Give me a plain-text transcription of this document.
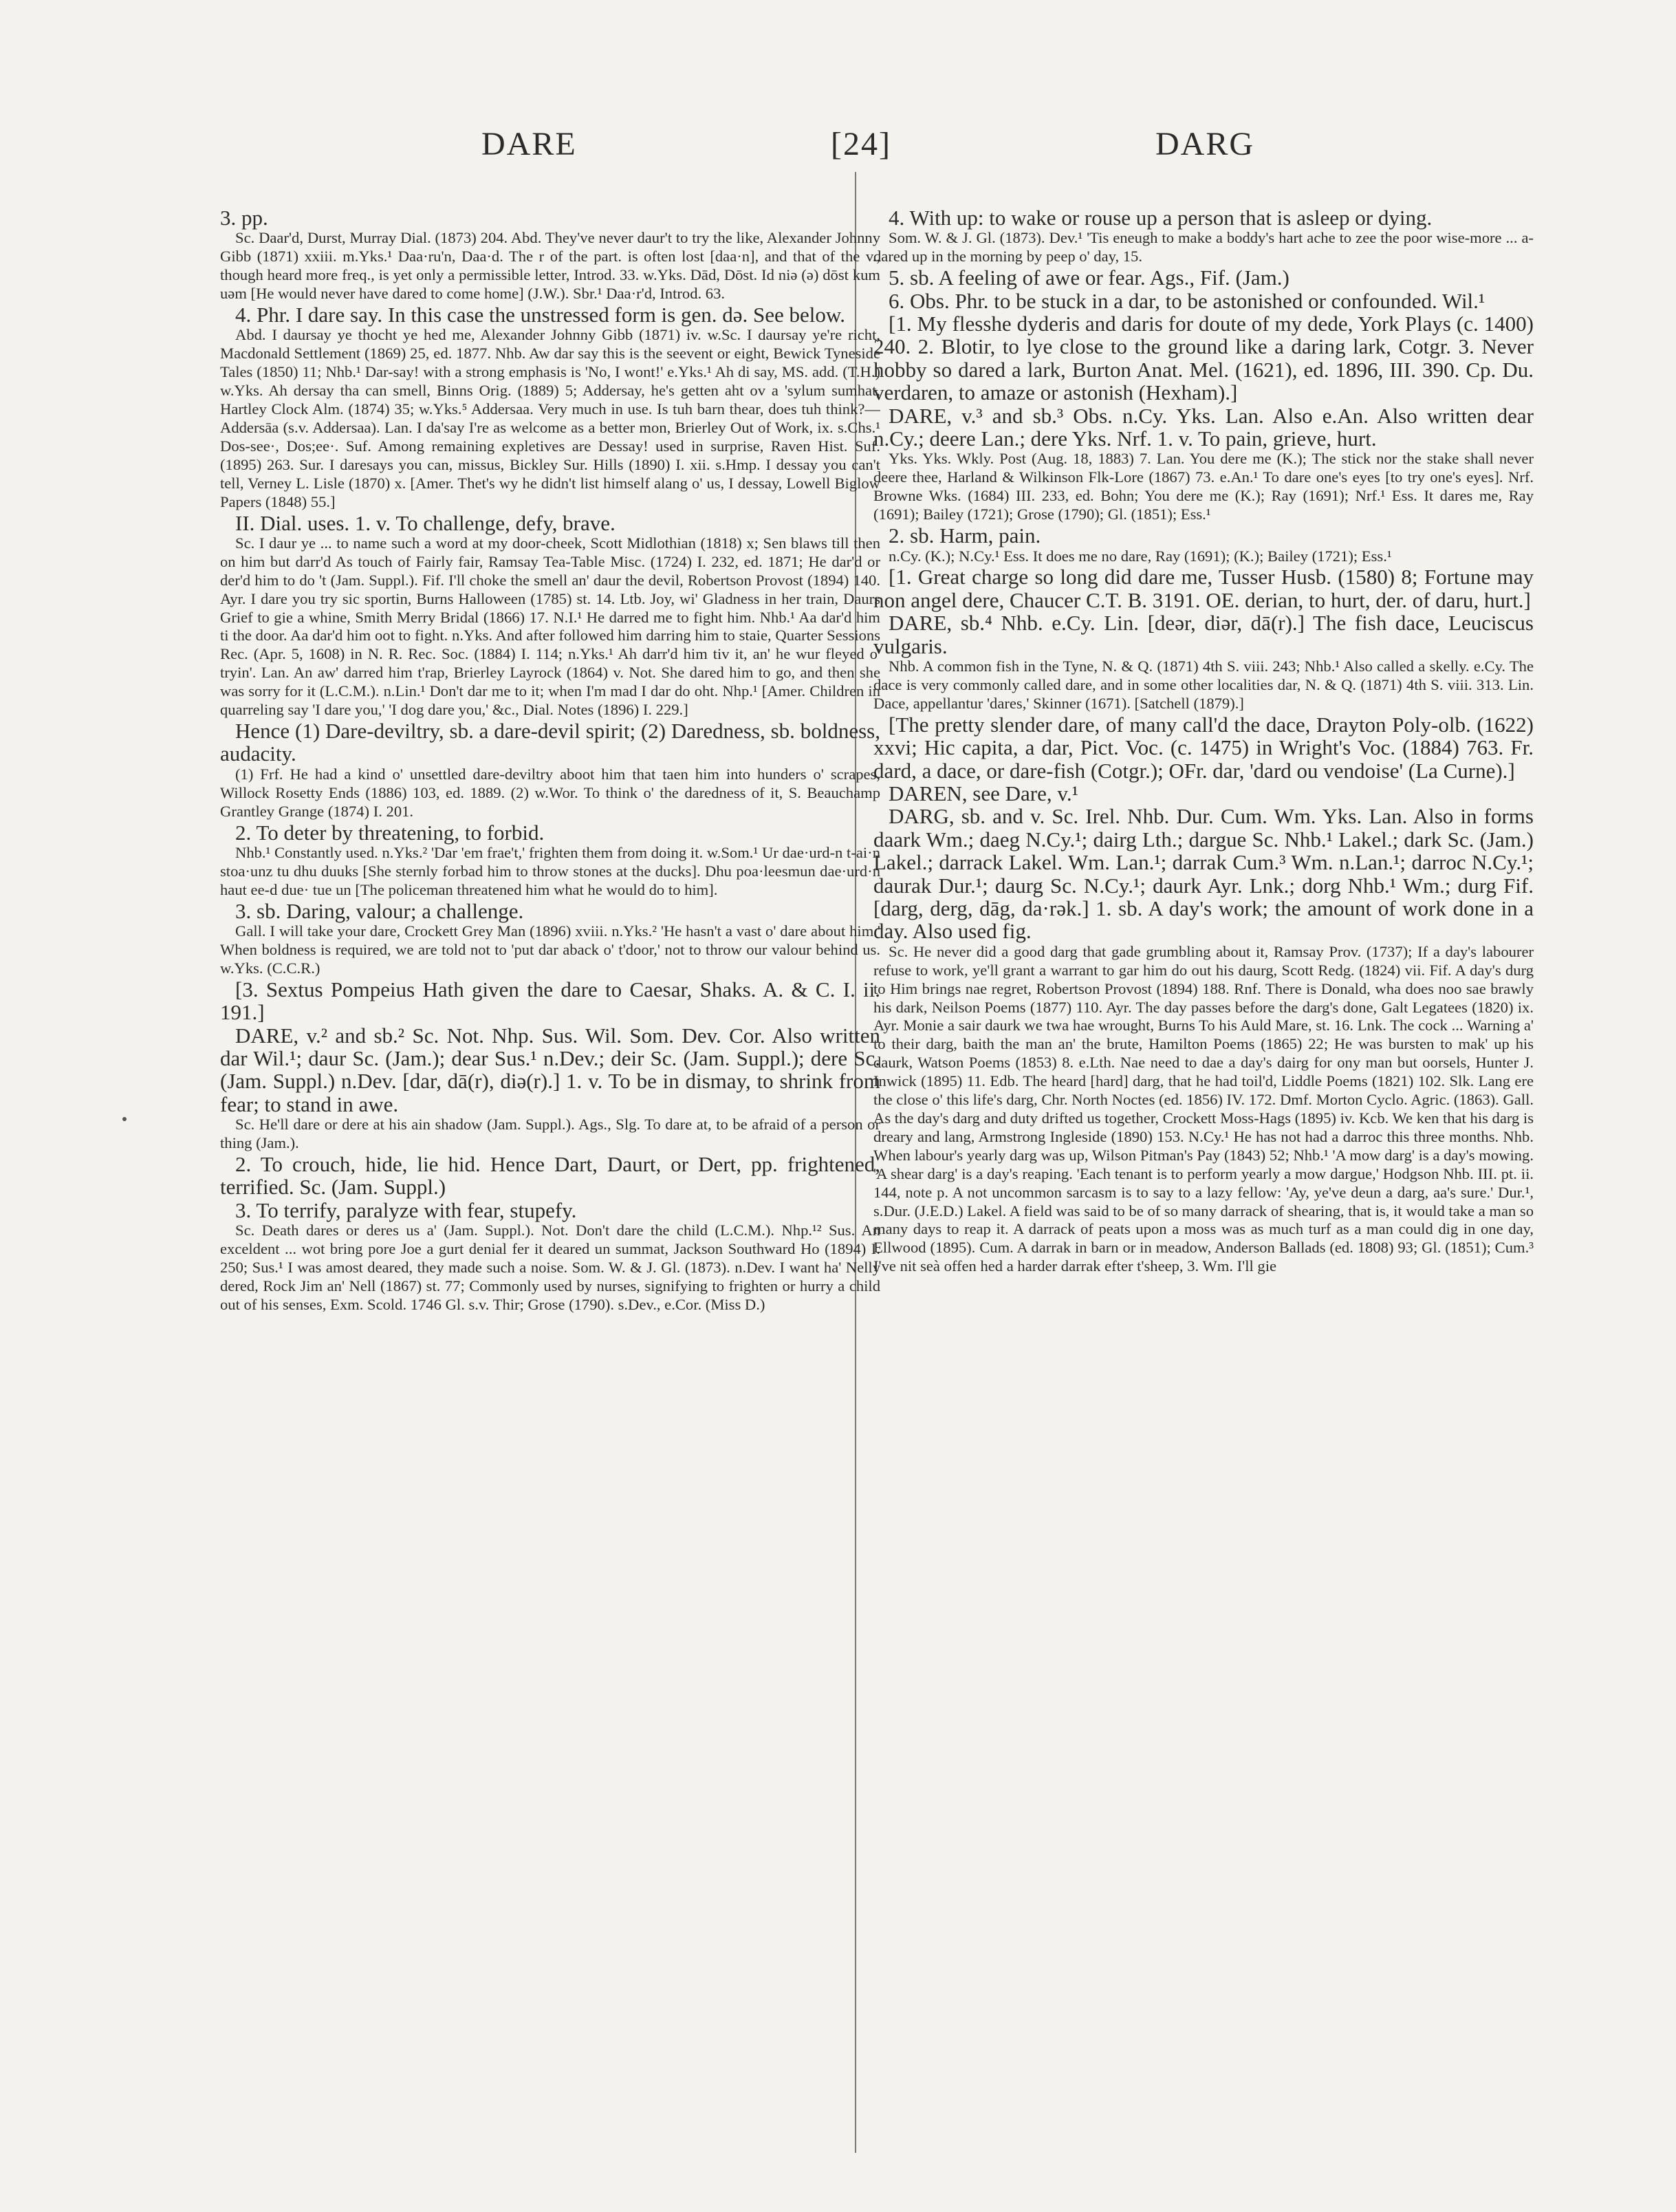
DARE	[24]	DARG

3. pp.

Sc. Daar'd, Durst, Murray Dial. (1873) 204. Abd. They've never daur't to try the like, Alexander Johnny Gibb (1871) xxiii. m.Yks.¹ Daa·ru'n, Daa·d. The r of the part. is often lost [daa·n], and that of the v., though heard more freq., is yet only a permissible letter, Introd. 33. w.Yks. Dād, Dōst. Id niə (ə) dōst kum uəm [He would never have dared to come home] (J.W.). Sbr.¹ Daa·r'd, Introd. 63.

4. Phr. I dare say. In this case the unstressed form is gen. də. See below.

Abd. I daursay ye thocht ye hed me, Alexander Johnny Gibb (1871) iv. w.Sc. I daursay ye're richt, Macdonald Settlement (1869) 25, ed. 1877. Nhb. Aw dar say this is the seevent or eight, Bewick Tyneside Tales (1850) 11; Nhb.¹ Dar-say! with a strong emphasis is 'No, I wont!' e.Yks.¹ Ah di say, MS. add. (T.H.) w.Yks. Ah dersay tha can smell, Binns Orig. (1889) 5; Addersay, he's getten aht ov a 'sylum sumhat, Hartley Clock Alm. (1874) 35; w.Yks.⁵ Addersaa. Very much in use. Is tuh barn thear, does tuh think?—Addersāa (s.v. Addersaa). Lan. I da'say I're as welcome as a better mon, Brierley Out of Work, ix. s.Chs.¹ Dos-see·, Dos;ee·. Suf. Among remaining expletives are Dessay! used in surprise, Raven Hist. Suf. (1895) 263. Sur. I daresays you can, missus, Bickley Sur. Hills (1890) I. xii. s.Hmp. I dessay you can't tell, Verney L. Lisle (1870) x. [Amer. Thet's wy he didn't list himself alang o' us, I dessay, Lowell Biglow Papers (1848) 55.]

II. Dial. uses. 1. v. To challenge, defy, brave.

Sc. I daur ye ... to name such a word at my door-cheek, Scott Midlothian (1818) x; Sen blaws till then on him but darr'd As touch of Fairly fair, Ramsay Tea-Table Misc. (1724) I. 232, ed. 1871; He dar'd or der'd him to do 't (Jam. Suppl.). Fif. I'll choke the smell an' daur the devil, Robertson Provost (1894) 140. Ayr. I dare you try sic sportin, Burns Halloween (1785) st. 14. Ltb. Joy, wi' Gladness in her train, Daurs Grief to gie a whine, Smith Merry Bridal (1866) 17. N.I.¹ He darred me to fight him. Nhb.¹ Aa dar'd him ti the door. Aa dar'd him oot to fight. n.Yks. And after followed him darring him to staie, Quarter Sessions Rec. (Apr. 5, 1608) in N. R. Rec. Soc. (1884) I. 114; n.Yks.¹ Ah darr'd him tiv it, an' he wur fleyed o' tryin'. Lan. An aw' darred him t'rap, Brierley Layrock (1864) v. Not. She dared him to go, and then she was sorry for it (L.C.M.). n.Lin.¹ Don't dar me to it; when I'm mad I dar do oht. Nhp.¹ [Amer. Children in quarreling say 'I dare you,' 'I dog dare you,' &c., Dial. Notes (1896) I. 229.]

Hence (1) Dare-deviltry, sb. a dare-devil spirit; (2) Daredness, sb. boldness, audacity.

(1) Frf. He had a kind o' unsettled dare-deviltry aboot him that taen him into hunders o' scrapes, Willock Rosetty Ends (1886) 103, ed. 1889. (2) w.Wor. To think o' the daredness of it, S. Beauchamp Grantley Grange (1874) I. 201.

2. To deter by threatening, to forbid.

Nhb.¹ Constantly used. n.Yks.² 'Dar 'em frae't,' frighten them from doing it. w.Som.¹ Ur dae·urd-n t-ai·n stoa·unz tu dhu duuks [She sternly forbad him to throw stones at the ducks]. Dhu poa·leesmun dae·urd·n haut ee-d due· tue un [The policeman threatened him what he would do to him].

3. sb. Daring, valour; a challenge.

Gall. I will take your dare, Crockett Grey Man (1896) xviii. n.Yks.² 'He hasn't a vast o' dare about him.' When boldness is required, we are told not to 'put dar aback o' t'door,' not to throw our valour behind us. w.Yks. (C.C.R.)

[3. Sextus Pompeius Hath given the dare to Caesar, Shaks. A. & C. I. ii. 191.]

DARE, v.² and sb.² Sc. Not. Nhp. Sus. Wil. Som. Dev. Cor. Also written dar Wil.¹; daur Sc. (Jam.); dear Sus.¹ n.Dev.; deir Sc. (Jam. Suppl.); dere Sc. (Jam. Suppl.) n.Dev. [dar, dā(r), diə(r).] 1. v. To be in dismay, to shrink from fear; to stand in awe.

Sc. He'll dare or dere at his ain shadow (Jam. Suppl.). Ags., Slg. To dare at, to be afraid of a person or thing (Jam.).

2. To crouch, hide, lie hid. Hence Dart, Daurt, or Dert, pp. frightened, terrified. Sc. (Jam. Suppl.)

3. To terrify, paralyze with fear, stupefy.

Sc. Death dares or deres us a' (Jam. Suppl.). Not. Don't dare the child (L.C.M.). Nhp.¹² Sus. An exceldent ... wot bring pore Joe a gurt denial fer it deared un summat, Jackson Southward Ho (1894) I. 250; Sus.¹ I was amost deared, they made such a noise. Som. W. & J. Gl. (1873). n.Dev. I want ha' Nelly dered, Rock Jim an' Nell (1867) st. 77; Commonly used by nurses, signifying to frighten or hurry a child out of his senses, Exm. Scold. 1746 Gl. s.v. Thir; Grose (1790). s.Dev., e.Cor. (Miss D.)

4. With up: to wake or rouse up a person that is asleep or dying.

Som. W. & J. Gl. (1873). Dev.¹ 'Tis eneugh to make a boddy's hart ache to zee the poor wise-more ... a-dared up in the morning by peep o' day, 15.

5. sb. A feeling of awe or fear. Ags., Fif. (Jam.)

6. Obs. Phr. to be stuck in a dar, to be astonished or confounded. Wil.¹

[1. My flesshe dyderis and daris for doute of my dede, York Plays (c. 1400) 240. 2. Blotir, to lye close to the ground like a daring lark, Cotgr. 3. Never hobby so dared a lark, Burton Anat. Mel. (1621), ed. 1896, III. 390. Cp. Du. verdaren, to amaze or astonish (Hexham).]

DARE, v.³ and sb.³ Obs. n.Cy. Yks. Lan. Also e.An. Also written dear n.Cy.; deere Lan.; dere Yks. Nrf. 1. v. To pain, grieve, hurt.

Yks. Yks. Wkly. Post (Aug. 18, 1883) 7. Lan. You dere me (K.); The stick nor the stake shall never deere thee, Harland & Wilkinson Flk-Lore (1867) 73. e.An.¹ To dare one's eyes [to try one's eyes]. Nrf. Browne Wks. (1684) III. 233, ed. Bohn; You dere me (K.); Ray (1691); Nrf.¹ Ess. It dares me, Ray (1691); Bailey (1721); Grose (1790); Gl. (1851); Ess.¹

2. sb. Harm, pain.

n.Cy. (K.); N.Cy.¹ Ess. It does me no dare, Ray (1691); (K.); Bailey (1721); Ess.¹

[1. Great charge so long did dare me, Tusser Husb. (1580) 8; Fortune may non angel dere, Chaucer C.T. B. 3191. OE. derian, to hurt, der. of daru, hurt.]

DARE, sb.⁴ Nhb. e.Cy. Lin. [deər, diər, dā(r).] The fish dace, Leuciscus vulgaris.

Nhb. A common fish in the Tyne, N. & Q. (1871) 4th S. viii. 243; Nhb.¹ Also called a skelly. e.Cy. The dace is very commonly called dare, and in some other localities dar, N. & Q. (1871) 4th S. viii. 313. Lin. Dace, appellantur 'dares,' Skinner (1671). [Satchell (1879).]

[The pretty slender dare, of many call'd the dace, Drayton Poly-olb. (1622) xxvi; Hic capita, a dar, Pict. Voc. (c. 1475) in Wright's Voc. (1884) 763. Fr. dard, a dace, or dare-fish (Cotgr.); OFr. dar, 'dard ou vendoise' (La Curne).]

DAREN, see Dare, v.¹

DARG, sb. and v. Sc. Irel. Nhb. Dur. Cum. Wm. Yks. Lan. Also in forms daark Wm.; daeg N.Cy.¹; dairg Lth.; dargue Sc. Nhb.¹ Lakel.; dark Sc. (Jam.) Lakel.; darrack Lakel. Wm. Lan.¹; darrak Cum.³ Wm. n.Lan.¹; darroc N.Cy.¹; daurak Dur.¹; daurg Sc. N.Cy.¹; daurk Ayr. Lnk.; dorg Nhb.¹ Wm.; durg Fif. [darg, derg, dāg, da·rək.] 1. sb. A day's work; the amount of work done in a day. Also used fig.

Sc. He never did a good darg that gade grumbling about it, Ramsay Prov. (1737); If a day's labourer refuse to work, ye'll grant a warrant to gar him do out his daurg, Scott Redg. (1824) vii. Fif. A day's durg to Him brings nae regret, Robertson Provost (1894) 188. Rnf. There is Donald, wha does noo sae brawly his dark, Neilson Poems (1877) 110. Ayr. The day passes before the darg's done, Galt Legatees (1820) ix. Ayr. Monie a sair daurk we twa hae wrought, Burns To his Auld Mare, st. 16. Lnk. The cock ... Warning a' to their darg, baith the man an' the brute, Hamilton Poems (1865) 22; He was bursten to mak' up his daurk, Watson Poems (1853) 8. e.Lth. Nae need to dae a day's dairg for ony man but oorsels, Hunter J. Inwick (1895) 11. Edb. The heard [hard] darg, that he had toil'd, Liddle Poems (1821) 102. Slk. Lang ere the close o' this life's darg, Chr. North Noctes (ed. 1856) IV. 172. Dmf. Morton Cyclo. Agric. (1863). Gall. As the day's darg and duty drifted us together, Crockett Moss-Hags (1895) iv. Kcb. We ken that his darg is dreary and lang, Armstrong Ingleside (1890) 153. N.Cy.¹ He has not had a darroc this three months. Nhb. When labour's yearly darg was up, Wilson Pitman's Pay (1843) 52; Nhb.¹ 'A mow darg' is a day's mowing. 'A shear darg' is a day's reaping. 'Each tenant is to perform yearly a mow dargue,' Hodgson Nhb. III. pt. ii. 144, note p. A not uncommon sarcasm is to say to a lazy fellow: 'Ay, ye've deun a darg, aa's sure.' Dur.¹, s.Dur. (J.E.D.) Lakel. A field was said to be of so many darrack of shearing, that is, it would take a man so many days to reap it. A darrack of peats upon a moss was as much turf as a man could dig in one day, Ellwood (1895). Cum. A darrak in barn or in meadow, Anderson Ballads (ed. 1808) 93; Gl. (1851); Cum.³ I've nit seà offen hed a harder darrak efter t'sheep, 3. Wm. I'll gie
